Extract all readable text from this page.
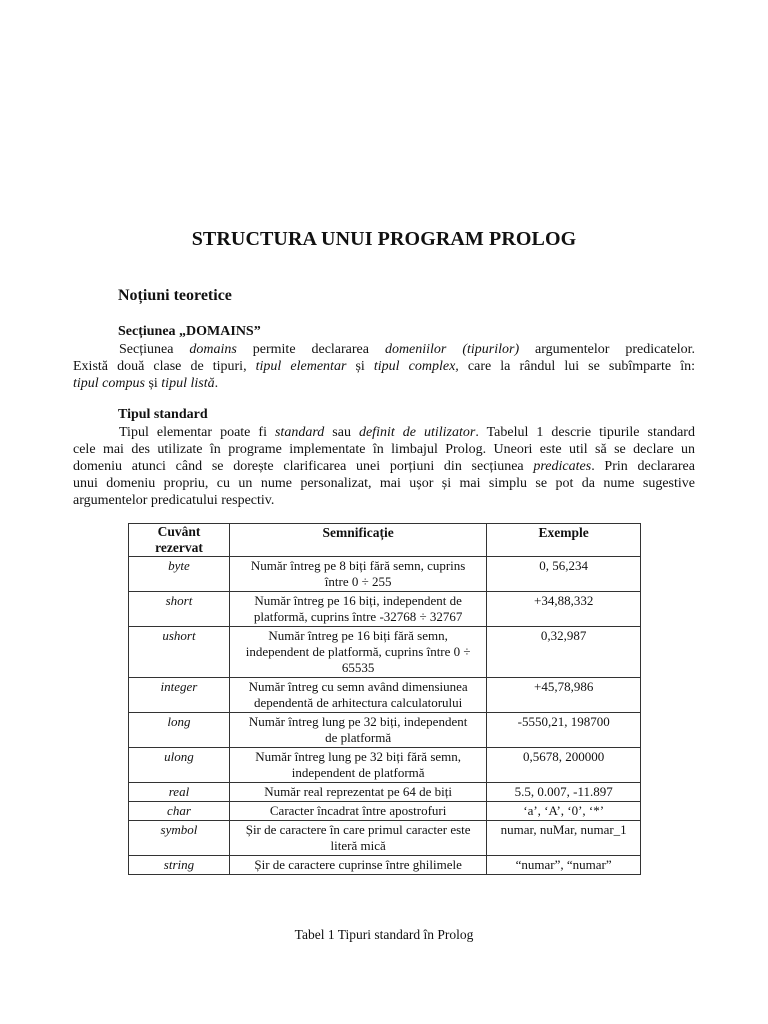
STRUCTURA UNUI PROGRAM PROLOG
Noțiuni teoretice
Secțiunea „DOMAINS”
Secțiunea domains permite declararea domeniilor (tipurilor) argumentelor predicatelor.
Există două clase de tipuri, tipul elementar și tipul complex, care la rândul lui se subîmparte în:
tipul compus și tipul listă.
Tipul standard
Tipul elementar poate fi standard sau definit de utilizator. Tabelul 1 descrie tipurile standard
cele mai des utilizate în programe implementate în limbajul Prolog. Uneori este util să se declare un
domeniu atunci când se dorește clarificarea unei porțiuni din secțiunea predicates. Prin declararea
unui domeniu propriu, cu un nume personalizat, mai ușor și mai simplu se pot da nume sugestive
argumentelor predicatului respectiv.
Cuvânt rezervat	Semnificație	Exemple
byte	Număr întreg pe 8 biți fără semn, cuprins între 0 ÷ 255	0, 56,234
short	Număr întreg pe 16 biți, independent de platformă, cuprins între -32768 ÷ 32767	+34,88,332
ushort	Număr întreg pe 16 biți fără semn, independent de platformă, cuprins între 0 ÷ 65535	0,32,987
integer	Număr întreg cu semn având dimensiunea dependentă de arhitectura calculatorului	+45,78,986
long	Număr întreg lung pe 32 biți, independent de platformă	-5550,21, 198700
ulong	Număr întreg lung pe 32 biți fără semn, independent de platformă	0,5678, 200000
real	Număr real reprezentat pe 64 de biți	5.5, 0.007, -11.897
char	Caracter încadrat între apostrofuri	‘a’, ‘A’, ‘0’, ‘*’
symbol	Șir de caractere în care primul caracter este literă mică	numar, nuMar, numar_1
string	Șir de caractere cuprinse între ghilimele	“numar”, “numar”
Tabel 1 Tipuri standard în Prolog
